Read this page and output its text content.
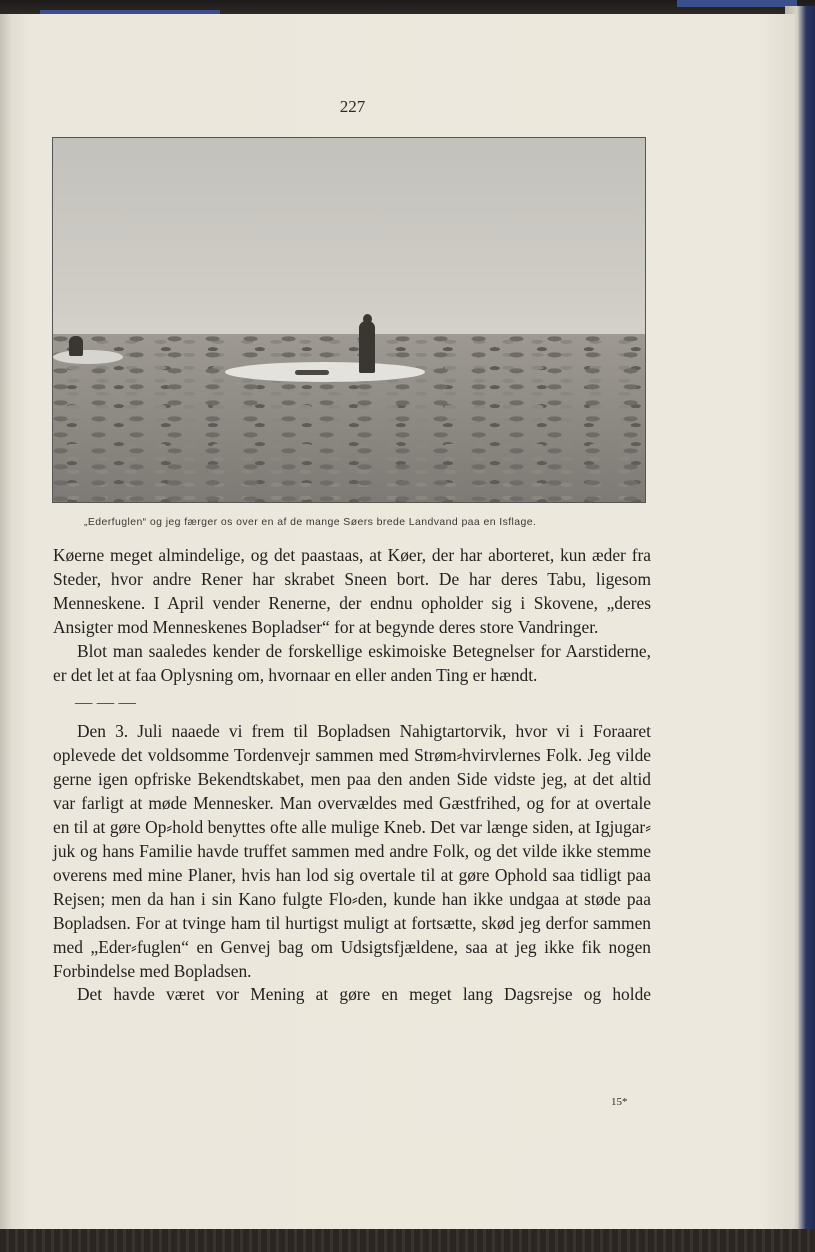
227
„Ederfuglen“ og jeg færger os over en af de mange Søers brede Landvand paa en Isflage.

Køerne meget almindelige, og det paastaas, at Køer, der har aborteret, kun æder fra Steder, hvor andre Rener har skrabet Sneen bort. De har deres Tabu, ligesom Menneskene. I April vender Renerne, der endnu opholder sig i Skovene, „deres Ansigter mod Menneskenes Bopladser“ for at begynde deres store Vandringer.

Blot man saaledes kender de forskellige eskimoiske Betegnelser for Aarstiderne, er det let at faa Oplysning om, hvornaar en eller anden Ting er hændt.

— — —

Den 3. Juli naaede vi frem til Bopladsen Nahigtartorvik, hvor vi i Foraaret oplevede det voldsomme Tordenvejr sammen med Strøm⸗hvirvlernes Folk. Jeg vilde gerne igen opfriske Bekendtskabet, men paa den anden Side vidste jeg, at det altid var farligt at møde Mennesker. Man overvældes med Gæstfrihed, og for at overtale en til at gøre Op⸗hold benyttes ofte alle mulige Kneb. Det var længe siden, at Igjugar⸗juk og hans Familie havde truffet sammen med andre Folk, og det vilde ikke stemme overens med mine Planer, hvis han lod sig overtale til at gøre Ophold saa tidligt paa Rejsen; men da han i sin Kano fulgte Flo⸗den, kunde han ikke undgaa at støde paa Bopladsen. For at tvinge ham til hurtigst muligt at fortsætte, skød jeg derfor sammen med „Eder⸗fuglen“ en Genvej bag om Udsigtsfjældene, saa at jeg ikke fik nogen Forbindelse med Bopladsen.

Det havde været vor Mening at gøre en meget lang Dagsrejse og holde

15*
